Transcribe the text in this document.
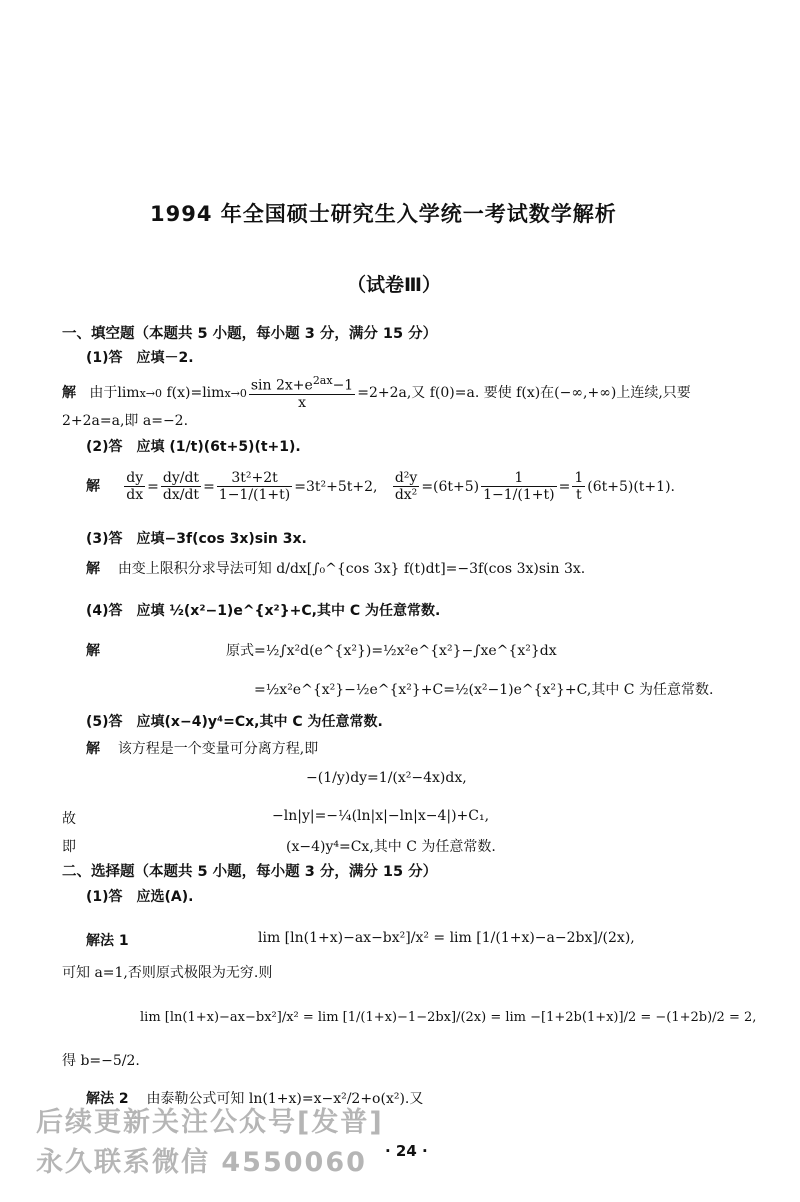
1994 年全国硕士研究生入学统一考试数学解析
（试卷Ⅲ）
一、填空题（本题共 5 小题，每小题 3 分，满分 15 分）
(1)答　应填－2.
解   由于limx→0 $f(x)=\lim x\to 0 \frac{\sin 2x+e^{2ax}-1}{x} =2+2a$,又 f(0)=a. 要使 f(x)在(−∞,+∞)上连续,只要
2+2a=a,即 a=−2.
(2)答　应填 (1/t)(6t+5)(t+1).
解 $\frac{dy}{dx} = \frac{dy/dt}{dx/dt} = \frac{\text{3t²+2t}}{1-1/(1+t)} =3t^2+5t+2$, $\frac{\text{d²y}}{\text{dx²}} =(6t+5) \frac{1}{1-1/(1+t)} = \frac{1}{t} (6t+5)(t+1)$.
(3)答　应填−3f(cos 3x)sin 3x.
解 由变上限积分求导法可知 d/dx[∫₀^{cos 3x} f(t)dt]=−3f(cos 3x)sin 3x.
(4)答　应填 ½(x²−1)e^{x²}+C,其中 C 为任意常数.
解	原式=½∫x²d(e^{x²})=½x²e^{x²}−∫xe^{x²}dx
=½x²e^{x²}−½e^{x²}+C=½(x²−1)e^{x²}+C,其中 C 为任意常数.
(5)答　应填(x−4)y⁴=Cx,其中 C 为任意常数.
解 该方程是一个变量可分离方程,即
−(1/y)dy=1/(x²−4x)dx,
故	−ln|y|=−¼(ln|x|−ln|x−4|)+C₁,
即	(x−4)y⁴=Cx,其中 C 为任意常数.
二、选择题（本题共 5 小题，每小题 3 分，满分 15 分）
(1)答　应选(A).
解法 1	lim [ln(1+x)−ax−bx²]/x² = lim [1/(1+x)−a−2bx]/(2x),
可知 a=1,否则原式极限为无穷.则
lim [ln(1+x)−ax−bx²]/x² = lim [1/(1+x)−1−2bx]/(2x) = lim −[1+2b(1+x)]/2 = −(1+2b)/2 = 2,
得 b=−5/2.
解法 2 由泰勒公式可知 ln(1+x)=x−x²/2+o(x²).又
后续更新关注公众号[发普]
永久联系微信 4550060 · 24 ·
